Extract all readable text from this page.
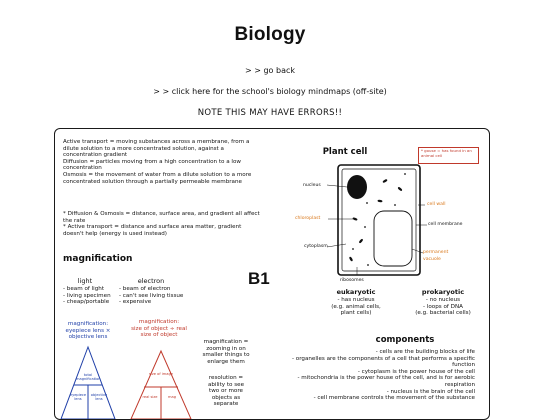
Biology
> > go back
> > click here for the school's biology mindmaps (off-site)
NOTE THIS MAY HAVE ERRORS!!
Active transport = moving substances across a membrane, from a dilute solution to a more concentrated solution, against a concentration gradient
Diffusion = particles moving from a high concentration to a low concentration
Osmosis = the movement of water from a dilute solution to a more concentrated solution through a partially permeable membrane
* Diffusion & Osmosis = distance, surface area, and gradient all affect the rate
* Active transport = distance and surface area matter, gradient doesn't help (energy is used instead)
magnification
light
- beam of light
- living specimen
- cheap/portable
electron
- beam of electron
- can't see living tissue
- expensive
magnification:
eyepiece lens ×
objective lens
magnification:
size of object ÷ real
size of object
total magnification
eyepiece lens
objective lens
size of image
real size	mag
magnification =
zooming in on
smaller things to
enlarge them
resolution =
ability to see
two or more
objects as
separate
B1
Plant cell	* gouse = has found in an animal cell
nucleus
chloroplast
cytoplasm
ribosomes
cell wall
cell membrane
permanent
vacuole
eukaryotic
- has nucleus
(e.g. animal cells,
plant cells)
prokaryotic
- no nucleus
- loops of DNA
(e.g. bacterial cells)
components
- cells are the building blocks of life
- organelles are the components of a cell that performs a specific function
- cytoplasm is the power house of the cell
- mitochondria is the power house of the cell, and is for aerobic respiration
- nucleus is the brain of the cell
- cell membrane controls the movement of the substance
